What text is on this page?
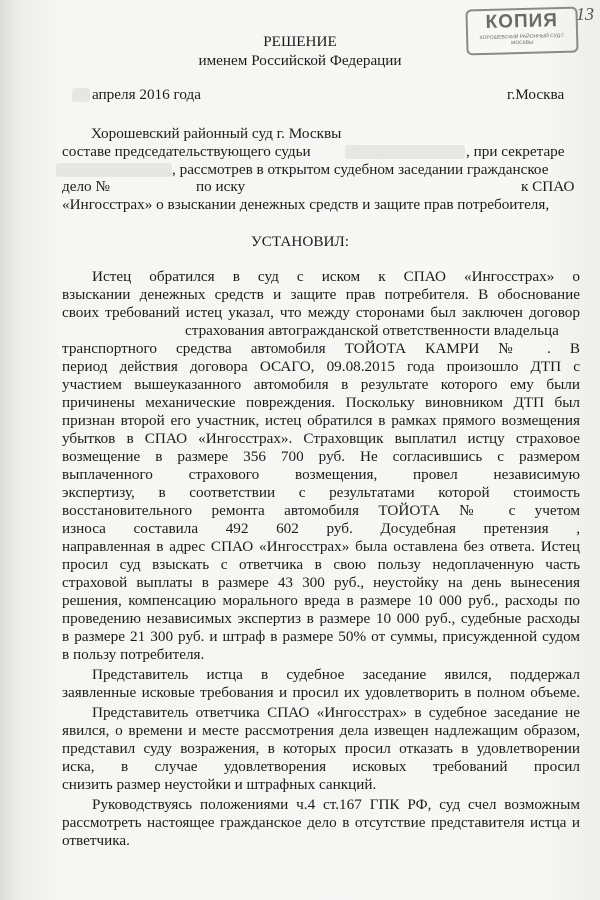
КОПИЯ
ХОРОШЕВСКИЙ РАЙОННЫЙ СУД Г. МОСКВЫ
13
РЕШЕНИЕ
именем Российской Федерации
апреля 2016 года	г.Москва
Хорошевский районный суд г. Москвы
составе председательствующего судьи	, при секретаре
, рассмотрев в открытом судебном заседании гражданское
дело №	по иску	к СПАО
«Ингосстрах» о взыскании денежных средств и защите прав потребоителя,
УСТАНОВИЛ:
Истец обратился в суд с иском к СПАО «Ингосстрах» о
взыскании денежных средств и защите прав потребителя. В обоснование
своих требований истец указал, что между сторонами был заключен договор
страхования автогражданской ответственности владельца
транспортного средства автомобиля ТОЙОТА КАМРИ № . В
период действия договора ОСАГО, 09.08.2015 года произошло ДТП с
участием вышеуказанного автомобиля в результате которого ему были
причинены механические повреждения. Поскольку виновником ДТП был
признан второй его участник, истец обратился в рамках прямого возмещения
убытков в СПАО «Ингосстрах». Страховщик выплатил истцу страховое
возмещение в размере 356 700 руб. Не согласившись с размером
выплаченного страхового возмещения, провел независимую
экспертизу, в соответствии с результатами которой стоимость
восстановительного ремонта автомобиля ТОЙОТА № с учетом
износа составила 492 602 руб. Досудебная претензия ,
направленная в адрес СПАО «Ингосстрах» была оставлена без ответа. Истец
просил суд взыскать с ответчика в свою пользу недоплаченную часть
страховой выплаты в размере 43 300 руб., неустойку на день вынесения
решения, компенсацию морального вреда в размере 10 000 руб., расходы по
проведению независимых экспертиз в размере 10 000 руб., судебные расходы
в размере 21 300 руб. и штраф в размере 50% от суммы, присужденной судом
в пользу потребителя.
Представитель истца в судебное заседание явился, поддержал
заявленные исковые требования и просил их удовлетворить в полном объеме.
Представитель ответчика СПАО «Ингосстрах» в судебное заседание не
явился, о времени и месте рассмотрения дела извещен надлежащим образом,
представил суду возражения, в которых просил отказать в удовлетворении
иска, в случае удовлетворения исковых требований просил
снизить размер неустойки и штрафных санкций.
Руководствуясь положениями ч.4 ст.167 ГПК РФ, суд счел возможным
рассмотреть настоящее гражданское дело в отсутствие представителя истца и
ответчика.
